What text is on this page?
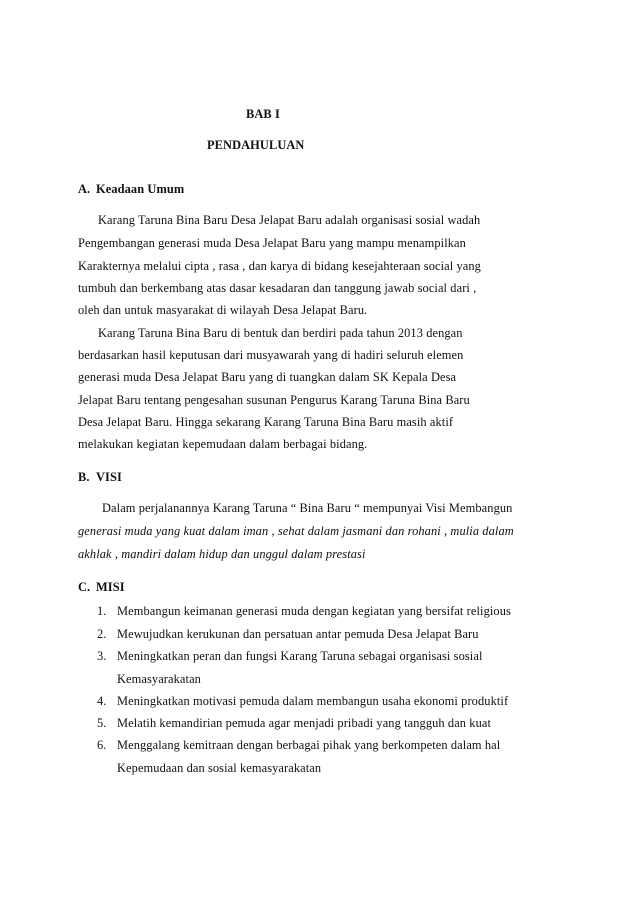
BAB I
PENDAHULUAN
A. Keadaan Umum
Karang Taruna Bina Baru Desa Jelapat Baru adalah organisasi sosial wadah
Pengembangan generasi muda Desa Jelapat Baru yang mampu menampilkan
Karakternya melalui cipta , rasa , dan karya di bidang kesejahteraan social yang
tumbuh dan berkembang atas dasar kesadaran dan tanggung jawab social dari ,
oleh dan untuk masyarakat di wilayah Desa Jelapat Baru.
Karang Taruna Bina Baru di bentuk dan berdiri pada tahun 2013 dengan
berdasarkan hasil keputusan dari musyawarah yang di hadiri seluruh elemen
generasi muda Desa Jelapat Baru yang di tuangkan dalam SK Kepala Desa
Jelapat Baru tentang pengesahan susunan Pengurus Karang Taruna Bina Baru
Desa Jelapat Baru. Hingga sekarang Karang Taruna Bina Baru masih aktif
melakukan kegiatan kepemudaan dalam berbagai bidang.
B. VISI
Dalam perjalanannya Karang Taruna “ Bina Baru “ mempunyai Visi Membangun
generasi muda yang kuat dalam iman , sehat dalam jasmani dan rohani , mulia dalam
akhlak , mandiri dalam hidup dan unggul dalam prestasi
C. MISI
1. Membangun keimanan generasi muda dengan kegiatan yang bersifat religious
2. Mewujudkan kerukunan dan persatuan antar pemuda Desa Jelapat Baru
3. Meningkatkan peran dan fungsi Karang Taruna sebagai organisasi sosial
Kemasyarakatan
4. Meningkatkan motivasi pemuda dalam membangun usaha ekonomi produktif
5. Melatih kemandirian pemuda agar menjadi pribadi yang tangguh dan kuat
6. Menggalang kemitraan dengan berbagai pihak yang berkompeten dalam hal
Kepemudaan dan sosial kemasyarakatan
